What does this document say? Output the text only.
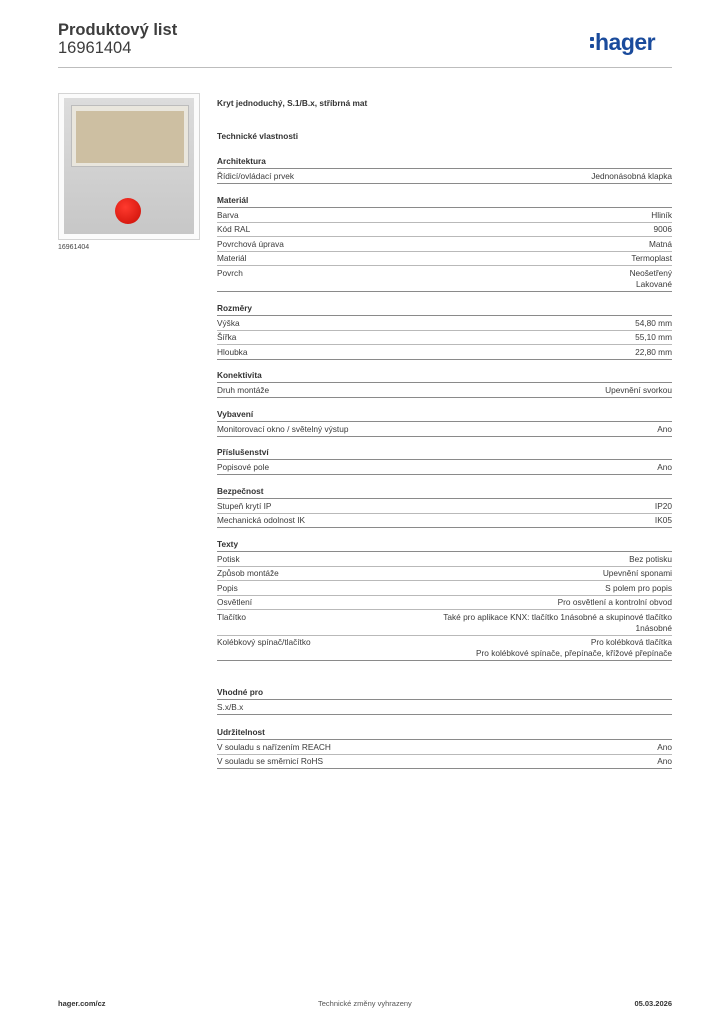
Produktový list
16961404	hager
16961404
Kryt jednoduchý, S.1/B.x, stříbrná mat
Technické vlastnosti
Architektura
Řídicí/ovládací prvek	Jednonásobná klapka
Materiál
Barva	Hliník
Kód RAL	9006
Povrchová úprava	Matná
Materiál	Termoplast
Povrch	Neošetřený
Lakované
Rozměry
Výška	54,80 mm
Šířka	55,10 mm
Hloubka	22,80 mm
Konektivita
Druh montáže	Upevnění svorkou
Vybavení
Monitorovací okno / světelný výstup	Ano
Příslušenství
Popisové pole	Ano
Bezpečnost
Stupeň krytí IP	IP20
Mechanická odolnost IK	IK05
Texty
Potisk	Bez potisku
Způsob montáže	Upevnění sponami
Popis	S polem pro popis
Osvětlení	Pro osvětlení a kontrolní obvod
Tlačítko	Také pro aplikace KNX: tlačítko 1násobné a skupinové tlačítko
1násobné
Kolébkový spínač/tlačítko	Pro kolébková tlačítka
Pro kolébkové spínače, přepínače, křížové přepínače
Vhodné pro
S.x/B.x
Udržitelnost
V souladu s nařízením REACH	Ano
V souladu se směrnicí RoHS	Ano
hager.com/cz	Technické změny vyhrazeny	05.03.2026
